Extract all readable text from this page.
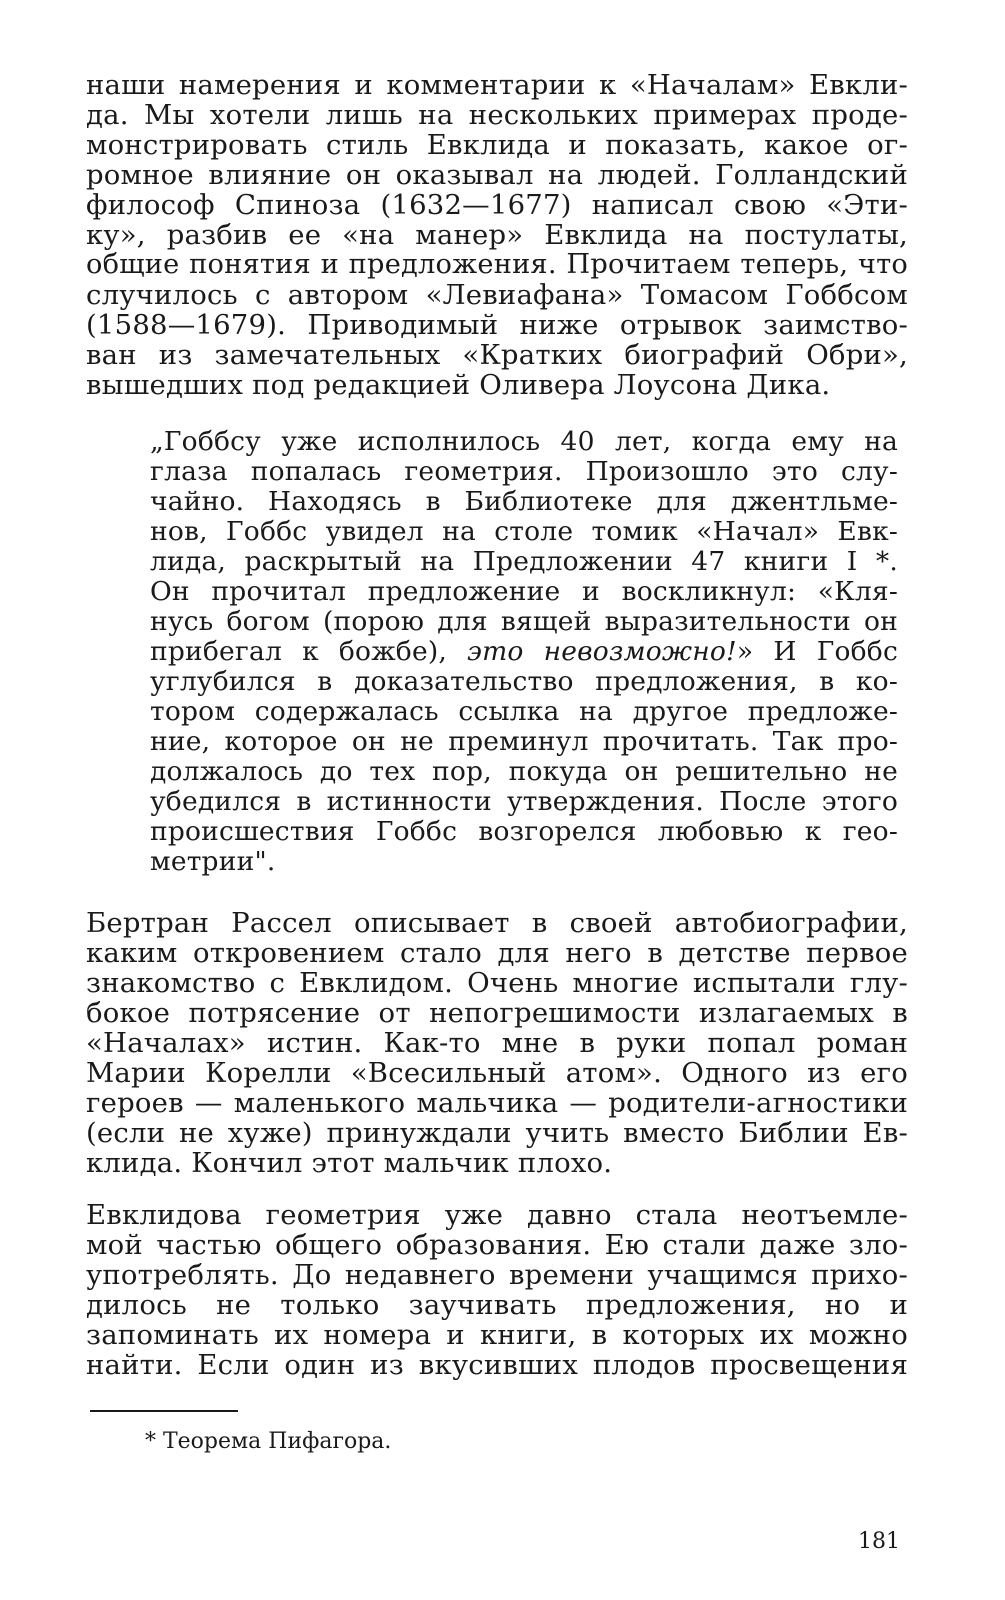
наши намерения и комментарии к «Началам» Евкли-
да. Мы хотели лишь на нескольких примерах проде-
монстрировать стиль Евклида и показать, какое ог-
ромное влияние он оказывал на людей. Голландский
философ Спиноза (1632—1677) написал свою «Эти-
ку», разбив ее «на манер» Евклида на постулаты,
общие понятия и предложения. Прочитаем теперь, что
случилось с автором «Левиафана» Томасом Гоббсом
(1588—1679). Приводимый ниже отрывок заимство-
ван из замечательных «Кратких биографий Обри»,
вышедших под редакцией Оливера Лоусона Дика.
„Гоббсу уже исполнилось 40 лет, когда ему на
глаза попалась геометрия. Произошло это слу-
чайно. Находясь в Библиотеке для джентльме-
нов, Гоббс увидел на столе томик «Начал» Евк-
лида, раскрытый на Предложении 47 книги I *.
Он прочитал предложение и воскликнул: «Кля-
нусь богом (порою для вящей выразительности он
прибегал к божбе), это невозможно!» И Гоббс
углубился в доказательство предложения, в ко-
тором содержалась ссылка на другое предложе-
ние, которое он не преминул прочитать. Так про-
должалось до тех пор, покуда он решительно не
убедился в истинности утверждения. После этого
происшествия Гоббс возгорелся любовью к гео-
метрии".
Бертран Рассел описывает в своей автобиографии,
каким откровением стало для него в детстве первое
знакомство с Евклидом. Очень многие испытали глу-
бокое потрясение от непогрешимости излагаемых в
«Началах» истин. Как-то мне в руки попал роман
Марии Корелли «Всесильный атом». Одного из его
героев — маленького мальчика — родители-агностики
(если не хуже) принуждали учить вместо Библии Ев-
клида. Кончил этот мальчик плохо.
Евклидова геометрия уже давно стала неотъемле-
мой частью общего образования. Ею стали даже зло-
употреблять. До недавнего времени учащимся прихо-
дилось не только заучивать предложения, но и
запоминать их номера и книги, в которых их можно
найти. Если один из вкусивших плодов просвещения
* Теорема Пифагора.
181
